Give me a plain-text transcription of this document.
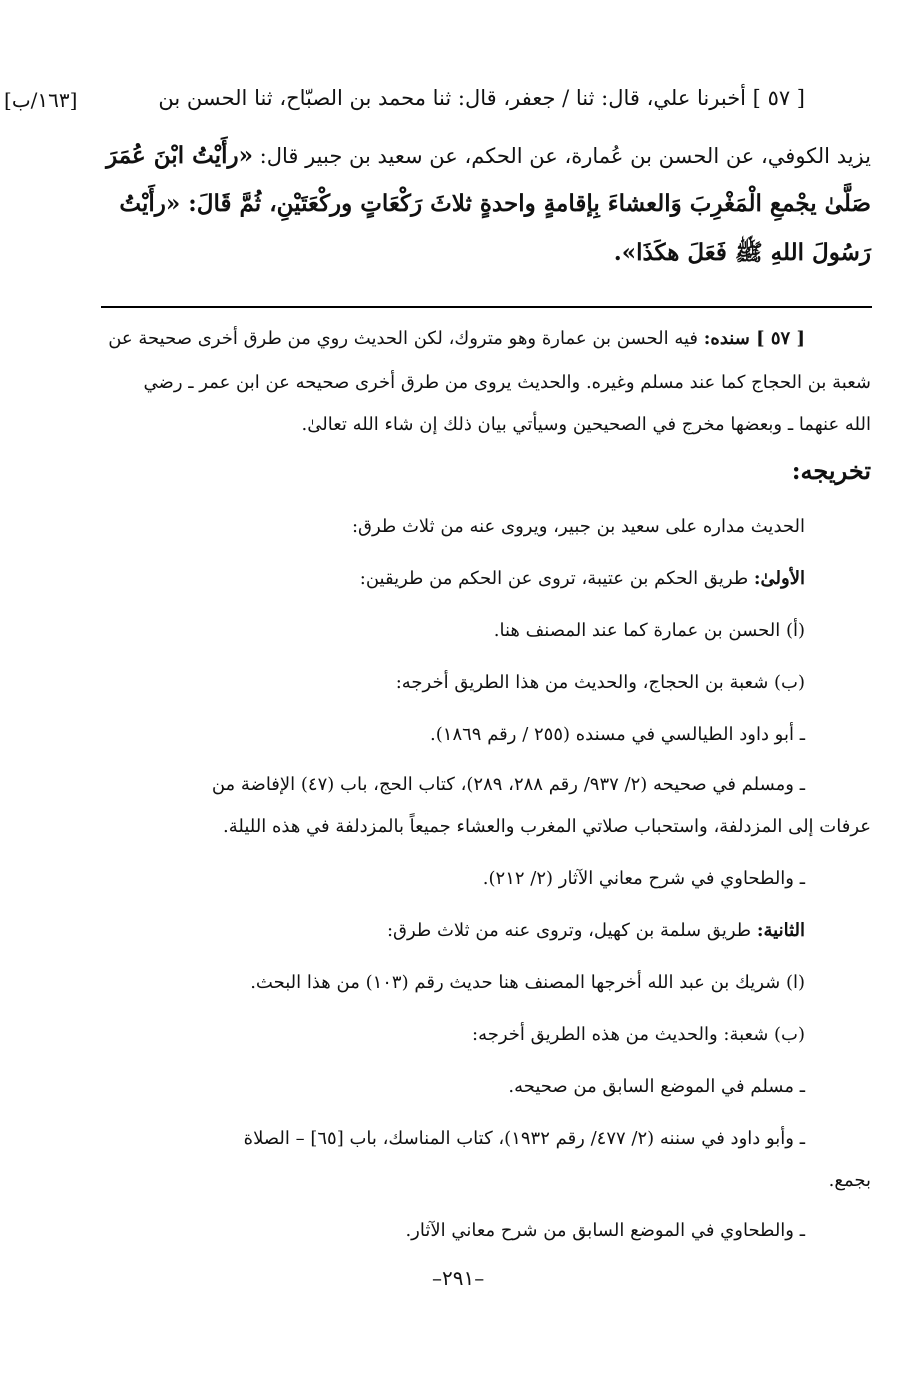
[١٦٣/ب]	[ ٥٧ ] أخبرنا علي، قال: ثنا / جعفر، قال: ثنا محمد بن الصبّاح، ثنا الحسن بن
يزيد الكوفي، عن الحسن بن عُمارة، عن الحكم، عن سعيد بن جبير قال: «رأَيْتُ ابْنَ عُمَرَ
صَلَّىٰ يجْمعِ الْمَغْرِبَ وَالعشاءَ بِإقامةٍ واحدةٍ ثلاثَ رَكْعَاتٍ وركْعَتَيْنِ، ثُمَّ قَالَ: «رأَيْتُ
رَسُولَ اللهِ ﷺ فَعَلَ هكَذَا».
[ ٥٧ ] سنده: فيه الحسن بن عمارة وهو متروك، لكن الحديث روي من طرق أخرى صحيحة عن
شعبة بن الحجاج كما عند مسلم وغيره. والحديث يروى من طرق أخرى صحيحه عن ابن عمر ـ رضي
الله عنهما ـ وبعضها مخرج في الصحيحين وسيأتي بيان ذلك إن شاء الله تعالىٰ.
تخريجه:
الحديث مداره على سعيد بن جبير، ويروى عنه من ثلاث طرق:
الأولىٰ: طريق الحكم بن عتيبة، تروى عن الحكم من طريقين:
(أ) الحسن بن عمارة كما عند المصنف هنا.
(ب) شعبة بن الحجاج، والحديث من هذا الطريق أخرجه:
ـ أبو داود الطيالسي في مسنده (٢٥٥ / رقم ١٨٦٩).
ـ ومسلم في صحيحه (٢/ ٩٣٧/ رقم ٢٨٨، ٢٨٩)، كتاب الحج، باب (٤٧) الإفاضة من
عرفات إلى المزدلفة، واستحباب صلاتي المغرب والعشاء جميعاً بالمزدلفة في هذه الليلة.
ـ والطحاوي في شرح معاني الآثار (٢/ ٢١٢).
الثانية: طريق سلمة بن كهيل، وتروى عنه من ثلاث طرق:
(ا) شريك بن عبد الله أخرجها المصنف هنا حديث رقم (١٠٣) من هذا البحث.
(ب) شعبة: والحديث من هذه الطريق أخرجه:
ـ مسلم في الموضع السابق من صحيحه.
ـ وأبو داود في سننه (٢/ ٤٧٧/ رقم ١٩٣٢)، كتاب المناسك، باب [٦٥] – الصلاة
بجمع.
ـ والطحاوي في الموضع السابق من شرح معاني الآثار.
–٢٩١–
